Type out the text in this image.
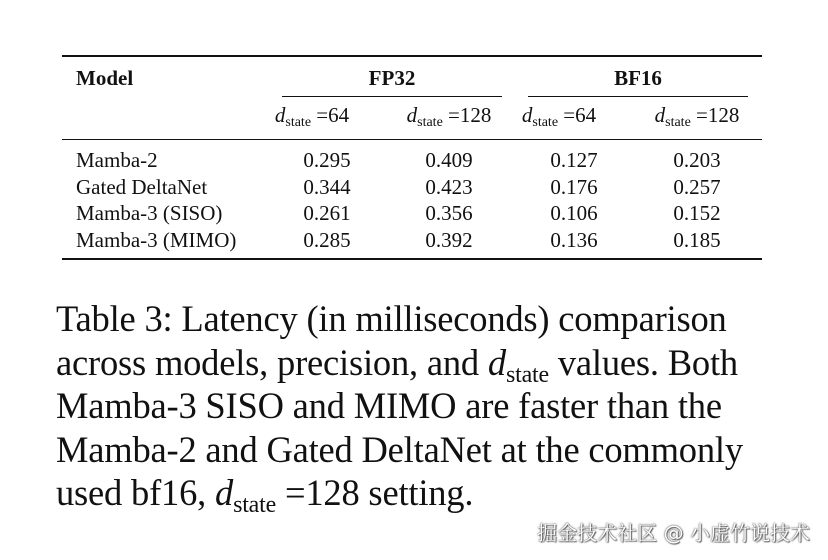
Model	FP32	BF16
$d_{state} =64$	$d_{state} =128$	$d_{state} =64$	$d_{state} =128$
Mamba-2	0.295	0.409	0.127	0.203
Gated DeltaNet	0.344	0.423	0.176	0.257
Mamba-3 (SISO)	0.261	0.356	0.106	0.152
Mamba-3 (MIMO)	0.285	0.392	0.136	0.185
Table 3: Latency (in milliseconds) comparison
across models, precision, and $d_{state}$ values. Both
Mamba-3 SISO and MIMO are faster than the
Mamba-2 and Gated DeltaNet at the commonly
used bf16, $d_{state} =128$ setting.
掘金技术社区 @ 小虚竹说技术
